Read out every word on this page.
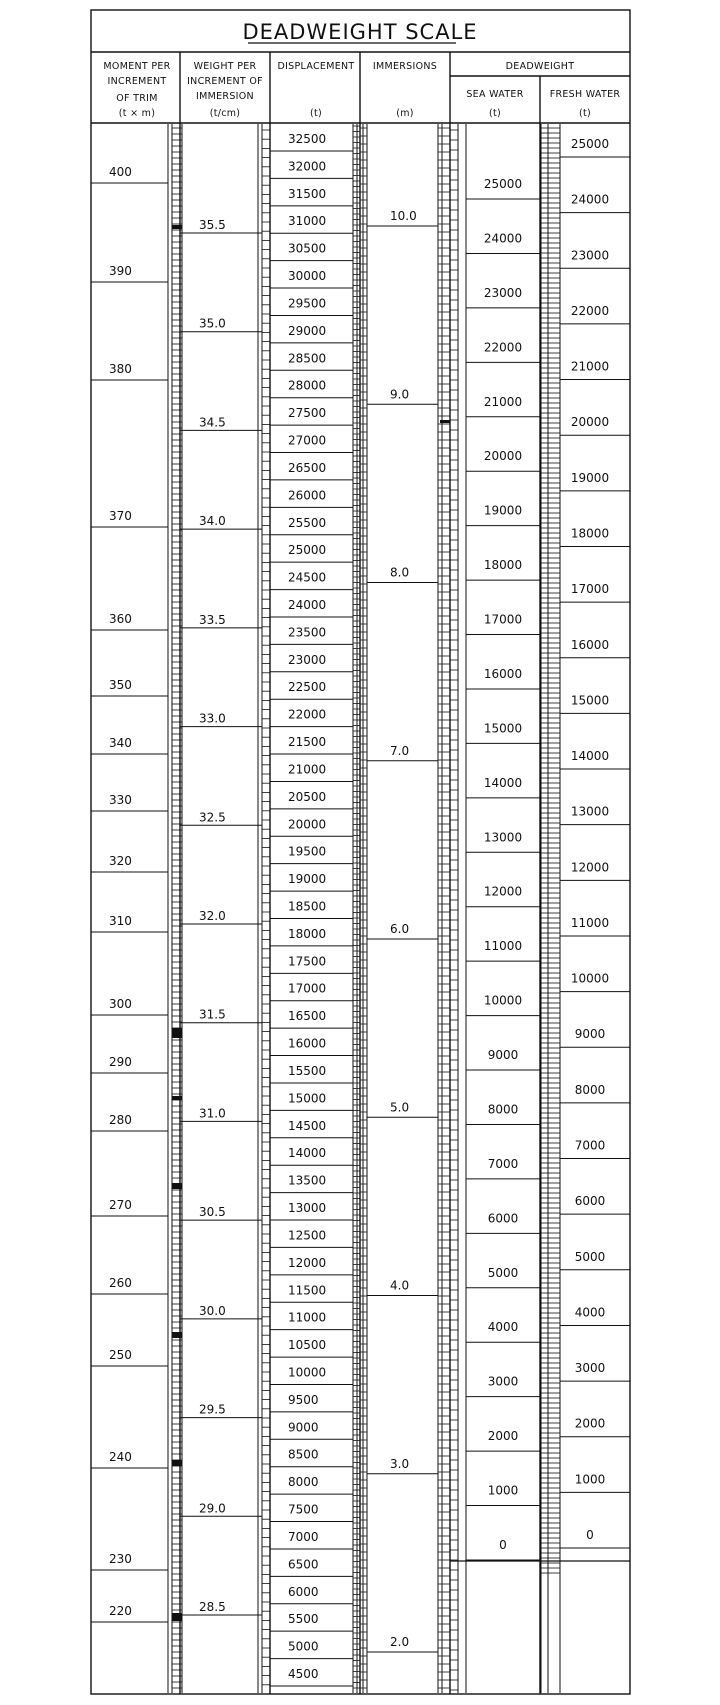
DEADWEIGHT SCALE
MOMENT PER
INCREMENT
OF TRIM
(t × m)
WEIGHT PER
INCREMENT OF
IMMERSION
(t/cm)
DISPLACEMENT
(t)
IMMERSIONS
(m)
DEADWEIGHT
SEA WATER
(t)
FRESH WATER
(t)
400
390
380
370
360
350
340
330
320
310
300
290
280
270
260
250
240
230
220
35.5
35.0
34.5
34.0
33.5
33.0
32.5
32.0
31.5
31.0
30.5
30.0
29.5
29.0
28.5
32500
32000
31500
31000
30500
30000
29500
29000
28500
28000
27500
27000
26500
26000
25500
25000
24500
24000
23500
23000
22500
22000
21500
21000
20500
20000
19500
19000
18500
18000
17500
17000
16500
16000
15500
15000
14500
14000
13500
13000
12500
12000
11500
11000
10500
10000
9500
9000
8500
8000
7500
7000
6500
6000
5500
5000
4500
10.0
9.0
8.0
7.0
6.0
5.0
4.0
3.0
2.0
25000
24000
23000
22000
21000
20000
19000
18000
17000
16000
15000
14000
13000
12000
11000
10000
9000
8000
7000
6000
5000
4000
3000
2000
1000
0
25000
24000
23000
22000
21000
20000
19000
18000
17000
16000
15000
14000
13000
12000
11000
10000
9000
8000
7000
6000
5000
4000
3000
2000
1000
0
